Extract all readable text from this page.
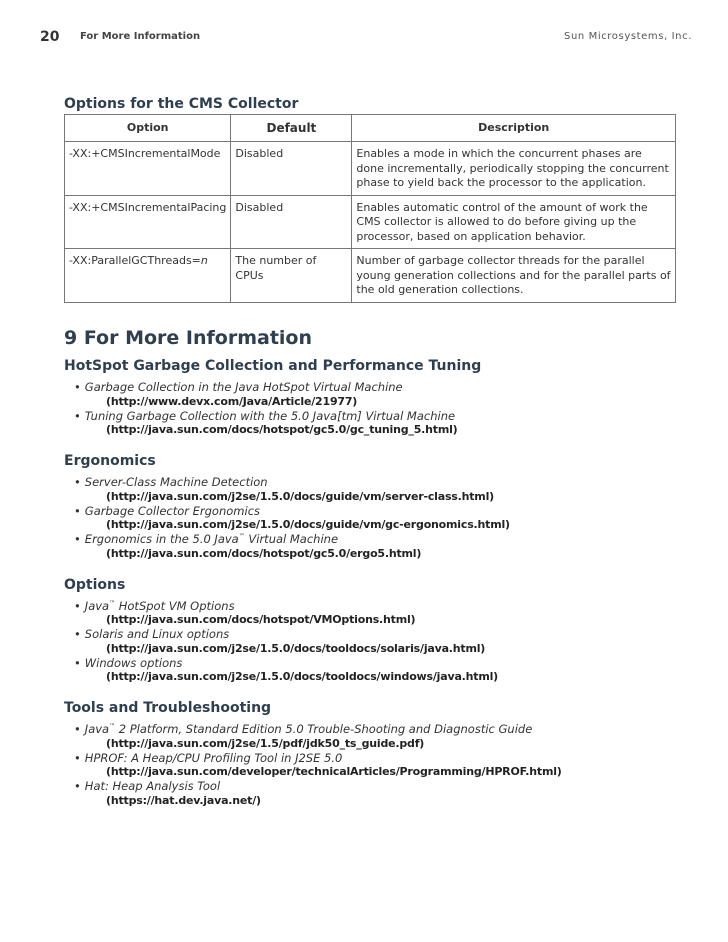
20 For More Information	Sun Microsystems, Inc.
Options for the CMS Collector
Option	Default	Description
-XX:+CMSIncrementalMode	Disabled	Enables a mode in which the concurrent phases are done incrementally, periodically stopping the concurrent phase to yield back the processor to the application.
-XX:+CMSIncrementalPacing	Disabled	Enables automatic control of the amount of work the CMS collector is allowed to do before giving up the processor, based on application behavior.
-XX:ParallelGCThreads=n	The number of CPUs	Number of garbage collector threads for the parallel young generation collections and for the parallel parts of the old generation collections.
9 For More Information
HotSpot Garbage Collection and Performance Tuning
• Garbage Collection in the Java HotSpot Virtual Machine
(http://www.devx.com/Java/Article/21977)
• Tuning Garbage Collection with the 5.0 Java[tm] Virtual Machine
(http://java.sun.com/docs/hotspot/gc5.0/gc_tuning_5.html)
Ergonomics
• Server-Class Machine Detection
(http://java.sun.com/j2se/1.5.0/docs/guide/vm/server-class.html)
• Garbage Collector Ergonomics
(http://java.sun.com/j2se/1.5.0/docs/guide/vm/gc-ergonomics.html)
• Ergonomics in the 5.0 Java™ Virtual Machine
(http://java.sun.com/docs/hotspot/gc5.0/ergo5.html)
Options
• Java™ HotSpot VM Options
(http://java.sun.com/docs/hotspot/VMOptions.html)
• Solaris and Linux options
(http://java.sun.com/j2se/1.5.0/docs/tooldocs/solaris/java.html)
• Windows options
(http://java.sun.com/j2se/1.5.0/docs/tooldocs/windows/java.html)
Tools and Troubleshooting
• Java™ 2 Platform, Standard Edition 5.0 Trouble-Shooting and Diagnostic Guide
(http://java.sun.com/j2se/1.5/pdf/jdk50_ts_guide.pdf)
• HPROF: A Heap/CPU Profiling Tool in J2SE 5.0
(http://java.sun.com/developer/technicalArticles/Programming/HPROF.html)
• Hat: Heap Analysis Tool
(https://hat.dev.java.net/)
